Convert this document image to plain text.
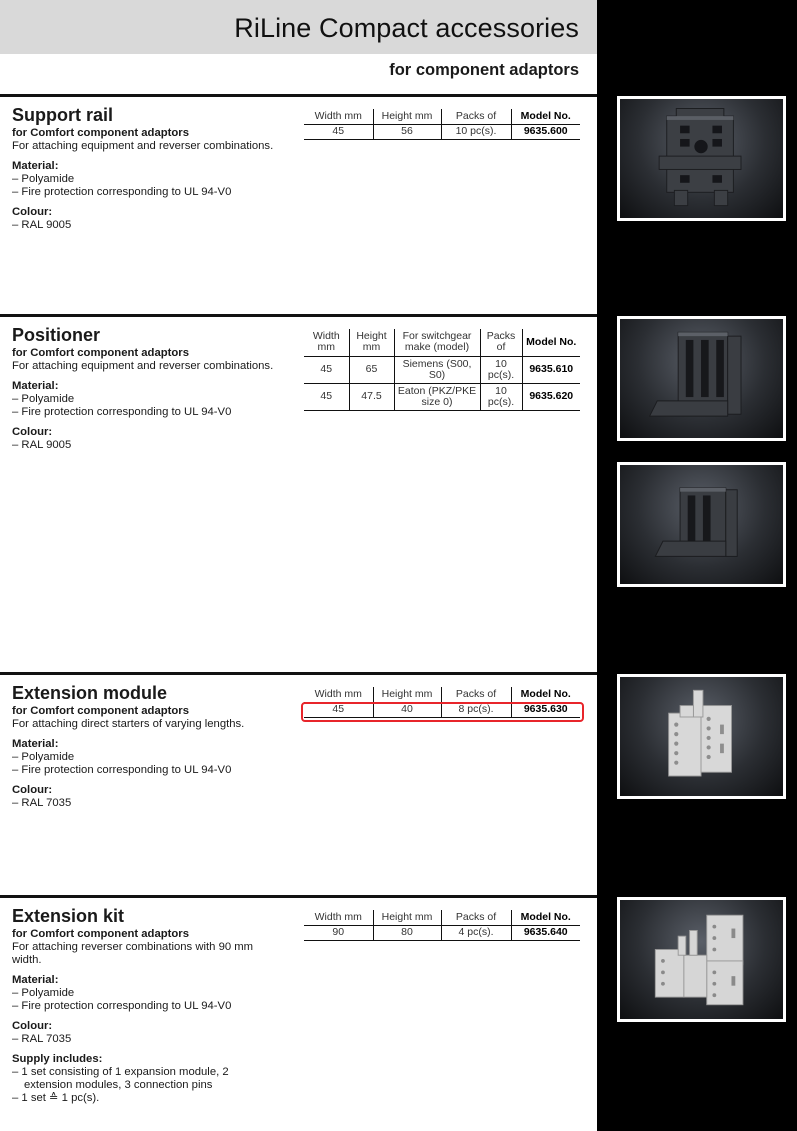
RiLine Compact accessories
for component adaptors
Support rail
for Comfort component adaptors
For attaching equipment and reverser combinations.
Material:
– Polyamide
– Fire protection corresponding to UL 94-V0
Colour:
– RAL 9005
Width mm	Height mm	Packs of	Model No.
45	56	10 pc(s).	9635.600
Positioner
for Comfort component adaptors
For attaching equipment and reverser combinations.
Material:
– Polyamide
– Fire protection corresponding to UL 94-V0
Colour:
– RAL 9005
Width mm	Height mm	For switchgear make (model)	Packs of	Model No.
45	65	Siemens (S00, S0)	10 pc(s).	9635.610
45	47.5	Eaton (PKZ/PKE size 0)	10 pc(s).	9635.620
Extension module
for Comfort component adaptors
For attaching direct starters of varying lengths.
Material:
– Polyamide
– Fire protection corresponding to UL 94-V0
Colour:
– RAL 7035
Width mm	Height mm	Packs of	Model No.
45	40	8 pc(s).	9635.630
Extension kit
for Comfort component adaptors
For attaching reverser combinations with 90 mm width.
Material:
– Polyamide
– Fire protection corresponding to UL 94-V0
Colour:
– RAL 7035
Supply includes:
– 1 set consisting of 1 expansion module, 2 extension modules, 3 connection pins
– 1 set ≙ 1 pc(s).
Width mm	Height mm	Packs of	Model No.
90	80	4 pc(s).	9635.640
